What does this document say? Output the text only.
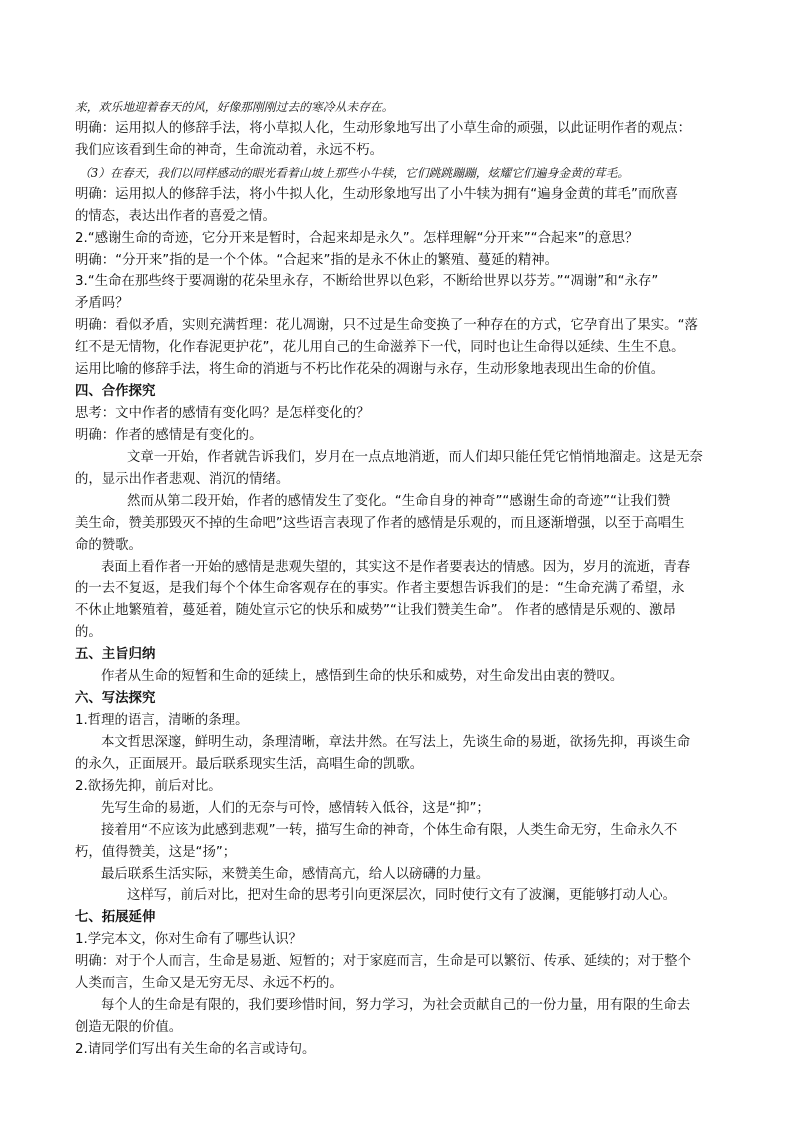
来，欢乐地迎着春天的风，好像那刚刚过去的寒冷从未存在。
明确：运用拟人的修辞手法，将小草拟人化，生动形象地写出了小草生命的顽强，以此证明作者的观点：
我们应该看到生命的神奇，生命流动着，永远不朽。
（3）在春天，我们以同样感动的眼光看着山坡上那些小牛犊，它们跳跳蹦蹦，炫耀它们遍身金黄的茸毛。
明确：运用拟人的修辞手法，将小牛拟人化，生动形象地写出了小牛犊为拥有“遍身金黄的茸毛”而欣喜
的情态，表达出作者的喜爱之情。
2.“感谢生命的奇迹，它分开来是暂时，合起来却是永久”。怎样理解“分开来”“合起来”的意思？
明确：“分开来”指的是一个个体。“合起来”指的是永不休止的繁殖、蔓延的精神。
3.“生命在那些终于要凋谢的花朵里永存，不断给世界以色彩，不断给世界以芬芳。”“凋谢”和“永存”
矛盾吗？
明确：看似矛盾，实则充满哲理：花儿凋谢，只不过是生命变换了一种存在的方式，它孕育出了果实。“落
红不是无情物，化作春泥更护花”，花儿用自己的生命滋养下一代，同时也让生命得以延续、生生不息。
运用比喻的修辞手法，将生命的消逝与不朽比作花朵的凋谢与永存，生动形象地表现出生命的价值。
四、合作探究
思考：文中作者的感情有变化吗？是怎样变化的？
明确：作者的感情是有变化的。
文章一开始，作者就告诉我们，岁月在一点点地消逝，而人们却只能任凭它悄悄地溜走。这是无奈
的，显示出作者悲观、消沉的情绪。
然而从第二段开始，作者的感情发生了变化。“生命自身的神奇”“感谢生命的奇迹”“让我们赞
美生命，赞美那毁灭不掉的生命吧”这些语言表现了作者的感情是乐观的，而且逐渐增强，以至于高唱生
命的赞歌。
表面上看作者一开始的感情是悲观失望的，其实这不是作者要表达的情感。因为，岁月的流逝，青春
的一去不复返，是我们每个个体生命客观存在的事实。作者主要想告诉我们的是：“生命充满了希望，永
不休止地繁殖着，蔓延着，随处宣示它的快乐和威势”“让我们赞美生命”。 作者的感情是乐观的、激昂
的。
五、主旨归纳
作者从生命的短暂和生命的延续上，感悟到生命的快乐和威势，对生命发出由衷的赞叹。
六、写法探究
1.哲理的语言，清晰的条理。
本文哲思深邃，鲜明生动，条理清晰，章法井然。在写法上，先谈生命的易逝，欲扬先抑，再谈生命
的永久，正面展开。最后联系现实生活，高唱生命的凯歌。
2.欲扬先抑，前后对比。
先写生命的易逝，人们的无奈与可怜，感情转入低谷，这是“抑”；
接着用“不应该为此感到悲观”一转，描写生命的神奇，个体生命有限，人类生命无穷，生命永久不
朽，值得赞美，这是“扬”；
最后联系生活实际，来赞美生命，感情高亢，给人以磅礴的力量。
这样写，前后对比，把对生命的思考引向更深层次，同时使行文有了波澜，更能够打动人心。
七、拓展延伸
1.学完本文，你对生命有了哪些认识？
明确：对于个人而言，生命是易逝、短暂的；对于家庭而言，生命是可以繁衍、传承、延续的；对于整个
人类而言，生命又是无穷无尽、永远不朽的。
每个人的生命是有限的，我们要珍惜时间，努力学习，为社会贡献自己的一份力量，用有限的生命去
创造无限的价值。
2.请同学们写出有关生命的名言或诗句。
